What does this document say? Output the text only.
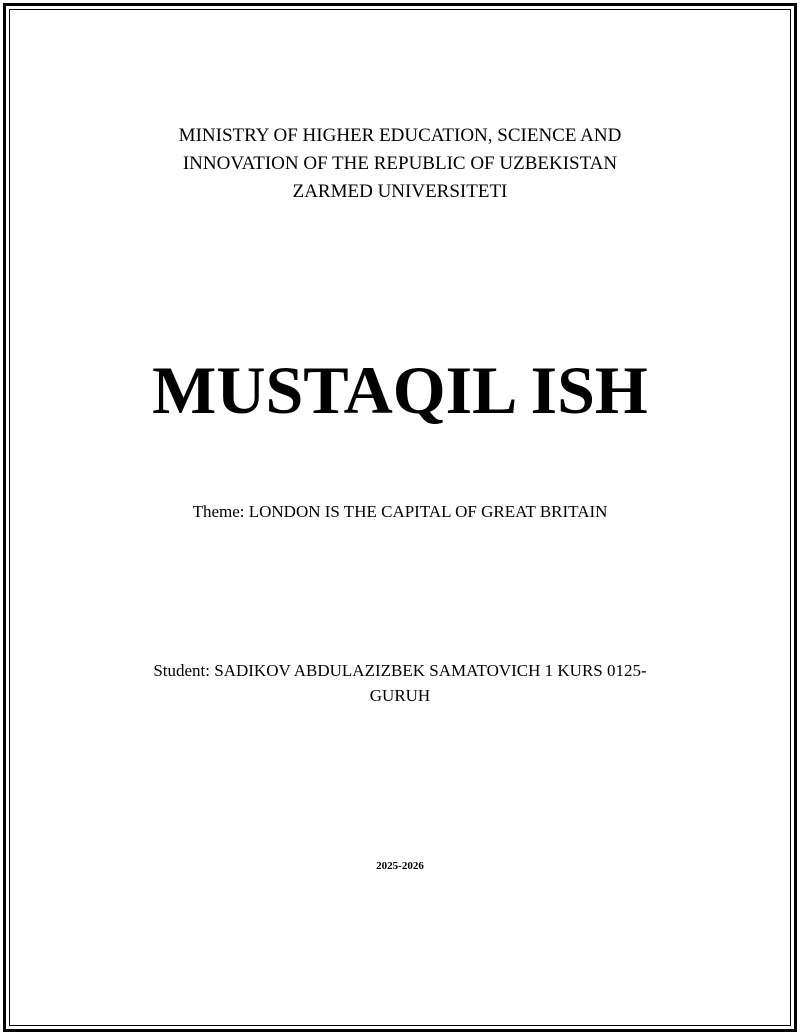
MINISTRY OF HIGHER EDUCATION, SCIENCE AND
INNOVATION OF THE REPUBLIC OF UZBEKISTAN
ZARMED UNIVERSITETI
MUSTAQIL ISH
Theme: LONDON IS THE CAPITAL OF GREAT BRITAIN
Student: SADIKOV ABDULAZIZBEK SAMATOVICH 1 KURS 0125-
GURUH
2025-2026
